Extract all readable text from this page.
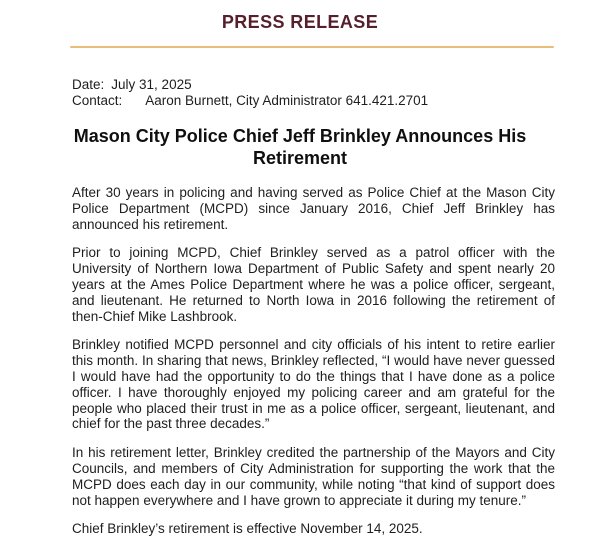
PRESS RELEASE
Date: July 31, 2025
Contact: Aaron Burnett, City Administrator 641.421.2701
Mason City Police Chief Jeff Brinkley Announces His
Retirement

After 30 years in policing and having served as Police Chief at the Mason City Police Department (MCPD) since January 2016, Chief Jeff Brinkley has announced his retirement.

Prior to joining MCPD, Chief Brinkley served as a patrol officer with the University of Northern Iowa Department of Public Safety and spent nearly 20 years at the Ames Police Department where he was a police officer, sergeant, and lieutenant. He returned to North Iowa in 2016 following the retirement of then-Chief Mike Lashbrook.

Brinkley notified MCPD personnel and city officials of his intent to retire earlier this month. In sharing that news, Brinkley reflected, “I would have never guessed I would have had the opportunity to do the things that I have done as a police officer. I have thoroughly enjoyed my policing career and am grateful for the people who placed their trust in me as a police officer, sergeant, lieutenant, and chief for the past three decades.”

In his retirement letter, Brinkley credited the partnership of the Mayors and City Councils, and members of City Administration for supporting the work that the MCPD does each day in our community, while noting “that kind of support does not happen everywhere and I have grown to appreciate it during my tenure.”

Chief Brinkley’s retirement is effective November 14, 2025.
